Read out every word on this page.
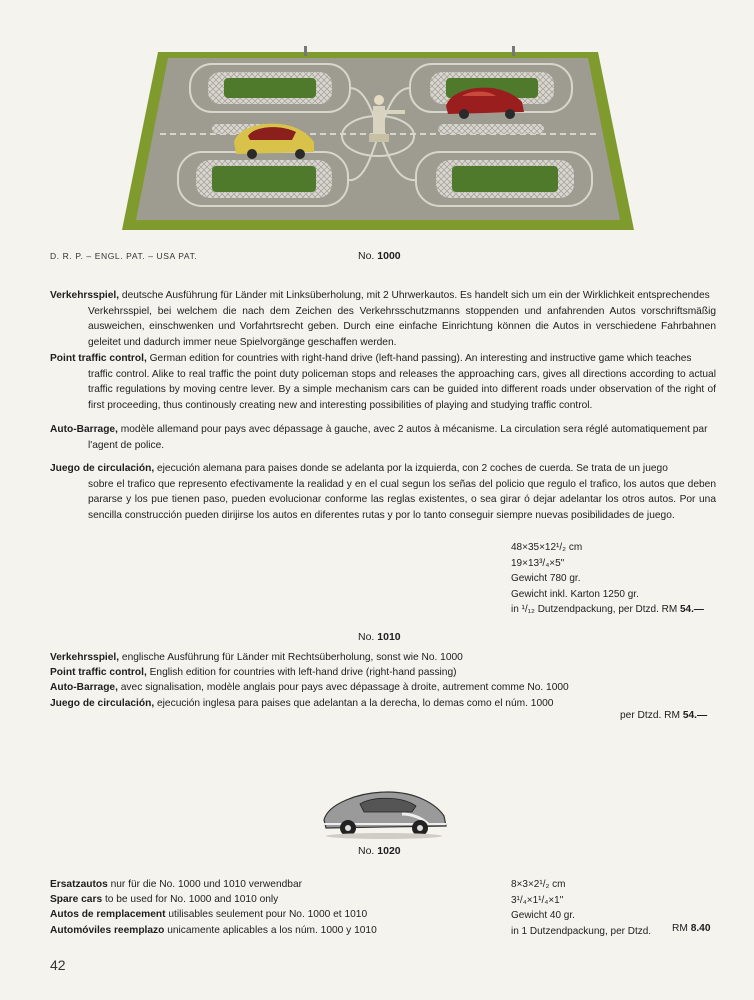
D. R. P. – ENGL. PAT. – USA PAT.	No. 1000
Verkehrsspiel, deutsche Ausführung für Länder mit Linksüberholung, mit 2 Uhrwerkautos. Es handelt sich um ein der Wirklichkeit entsprechendes
Verkehrsspiel, bei welchem die nach dem Zeichen des Verkehrsschutzmanns stoppenden und anfahrenden Autos vorschriftsmäßig ausweichen, einschwenken und Vorfahrtsrecht geben. Durch eine einfache Einrichtung können die Autos in verschiedene Fahrbahnen geleitet und dadurch immer neue Spielvorgänge geschaffen werden.
Point traffic control, German edition for countries with right-hand drive (left-hand passing). An interesting and instructive game which teaches
traffic control. Alike to real traffic the point duty policeman stops and releases the approaching cars, gives all directions according to actual traffic regulations by moving centre lever. By a simple mechanism cars can be guided into different roads under observation of the right of first proceeding, thus continously creating new and interesting possibilities of playing and studying traffic control.
Auto-Barrage, modèle allemand pour pays avec dépassage à gauche, avec 2 autos à mécanisme. La circulation sera réglé automatiquement par
l'agent de police.
Juego de circulación, ejecución alemana para paises donde se adelanta por la izquierda, con 2 coches de cuerda. Se trata de un juego
sobre el trafico que represento efectivamente la realidad y en el cual segun los señas del policio que regulo el trafico, los autos que deben pararse y los pue tienen paso, pueden evolucionar conforme las reglas existentes, o sea girar ó dejar adelantar los otros autos. Por una sencilla construcción pueden dirijirse los autos en diferentes rutas y por lo tanto conseguir siempre nuevas posibilidades de juego.
48×35×12¹/₂ cm
19×13³/₄×5"
Gewicht 780 gr.
Gewicht inkl. Karton 1250 gr.
in ¹/₁₂ Dutzendpackung, per Dtzd. RM 54.—
No. 1010
Verkehrsspiel, englische Ausführung für Länder mit Rechtsüberholung, sonst wie No. 1000
Point traffic control, English edition for countries with left-hand drive (right-hand passing)
Auto-Barrage, avec signalisation, modèle anglais pour pays avec dépassage à droite, autrement comme No. 1000
Juego de circulación, ejecución inglesa para paises que adelantan a la derecha, lo demas como el núm. 1000
per Dtzd. RM 54.—
No. 1020
Ersatzautos nur für die No. 1000 und 1010 verwendbar
Spare cars to be used for No. 1000 and 1010 only
Autos de remplacement utilisables seulement pour No. 1000 et 1010
Automóviles reemplazo unicamente aplicables a los núm. 1000 y 1010
8×3×2¹/₂ cm
3¹/₄×1¹/₄×1"
Gewicht 40 gr.
in 1 Dutzendpackung, per Dtzd. RM 8.40
42
